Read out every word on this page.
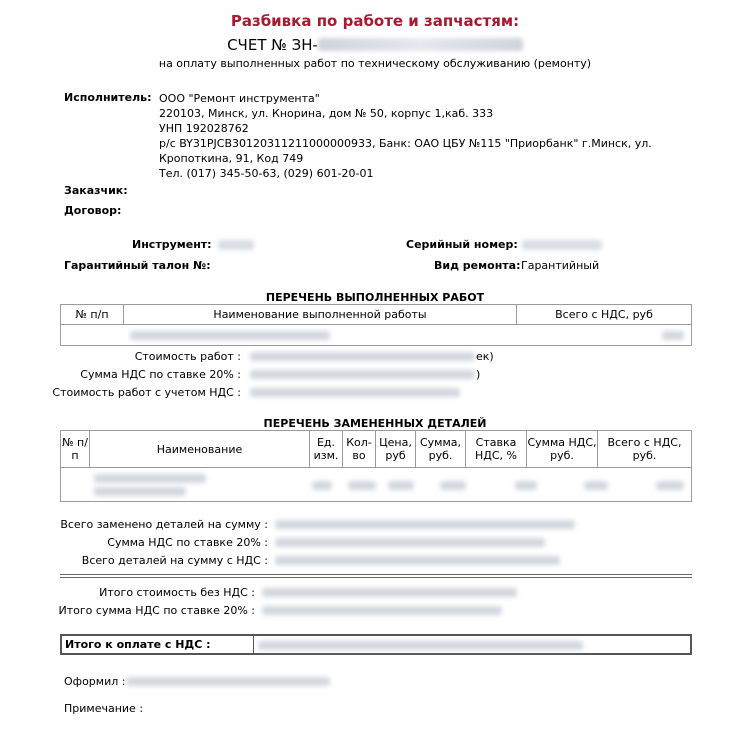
Разбивка по работе и запчастям:
СЧЕТ № ЗН-
на оплату выполненных работ по техническому обслуживанию (ремонту)
Исполнитель: ООО "Ремонт инструмента"
220103, Минск, ул. Кнорина, дом № 50, корпус 1,каб. 333
УНП 192028762
р/с BY31PJCB30120311211000000933, Банк: ОАО ЦБУ №115 "Приорбанк" г.Минск, ул.
Кропоткина, 91, Код 749
Тел. (017) 345-50-63, (029) 601-20-01
Заказчик:
Договор:
Инструмент:	Серийный номер:
Гарантийный талон №:	Вид ремонта: Гарантийный
ПЕРЕЧЕНЬ ВЫПОЛНЕННЫХ РАБОТ
№ п/п	Наименование выполненной работы	Всего с НДС, руб

Стоимость работ :	ек)
Сумма НДС по ставке 20% :	)
Стоимость работ с учетом НДС :
ПЕРЕЧЕНЬ ЗАМЕНЕННЫХ ДЕТАЛЕЙ
№ п/п	Наименование	Ед. изм.	Кол-во	Цена, руб	Сумма, руб.	Ставка НДС, %	Сумма НДС, руб.	Всего с НДС, руб.

Всего заменено деталей на сумму :
Сумма НДС по ставке 20% :
Всего деталей на сумму с НДС :
Итого стоимость без НДС :
Итого сумма НДС по ставке 20% :
Итого к оплате с НДС :	
Оформил :
Примечание :
